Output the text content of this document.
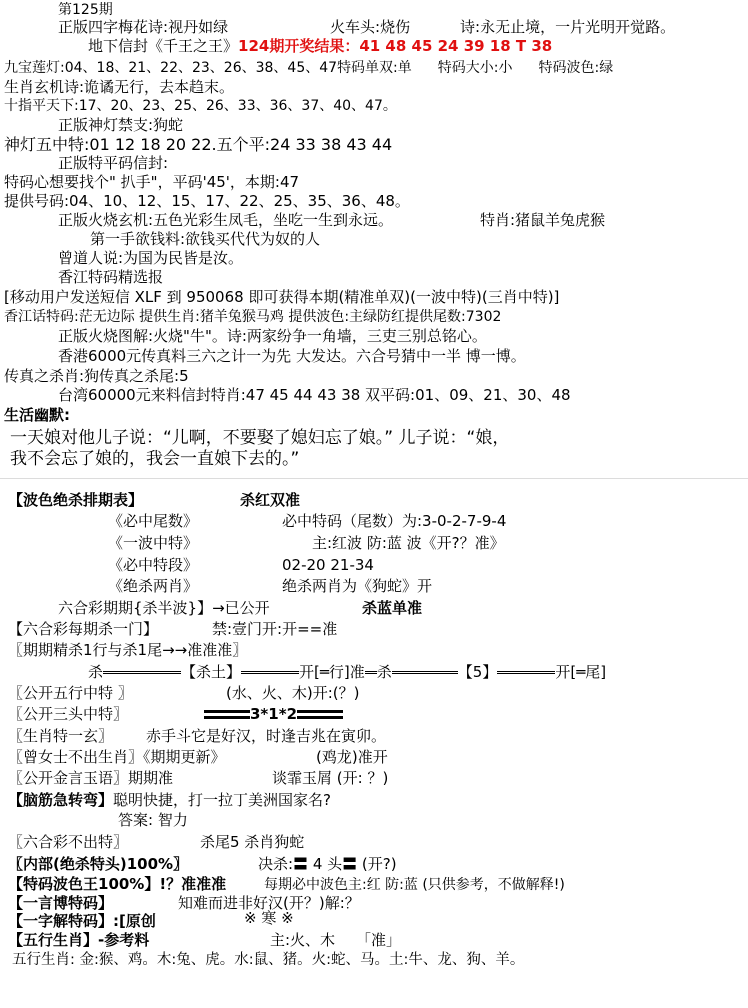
第125期
正版四字梅花诗:视丹如绿	火车头:烧伤	诗:永无止境，一片光明开觉路。
地下信封《千王之王》124期开奖结果：41 48 45 24 39 18 T 38
九宝莲灯:04、18、21、22、23、26、38、45、47特码单双:单 特码大小:小 特码波色:绿
生肖玄机诗:诡谲无行，去本趋末。
十指平天下:17、20、23、25、26、33、36、37、40、47。
正版神灯禁支:狗蛇
神灯五中特:01 12 18 20 22.五个平:24 33 38 43 44
正版特平码信封:
特码心想要找个" 扒手"，平码'45'，本期:47
提供号码:04、10、12、15、17、22、25、35、36、48。
正版火烧玄机:五色光彩生凤毛，坐吃一生到永远。	特肖:猪鼠羊兔虎猴
第一手欲钱料:欲钱买代代为奴的人
曾道人说:为国为民皆是汝。
香江特码精选报
[移动用户发送短信 XLF 到 950068 即可获得本期(精准单双)(一波中特)(三肖中特)]
香江话特码:茫无边际 提供生肖:猪羊兔猴马鸡 提供波色:主绿防红提供尾数:7302
正版火烧图解:火烧"牛"。诗:两家纷争一角墙，三吏三别总铭心。
香港6000元传真料三六之计一为先 大发达。六合号猜中一半 博一博。
传真之杀肖:狗传真之杀尾:5
台湾60000元来料信封特肖:47 45 44 43 38 双平码:01、09、21、30、48
生活幽默:
一天娘对他儿子说：“儿啊，不要娶了媳妇忘了娘。” 儿子说：“娘，
我不会忘了娘的，我会一直娘下去的。”
【波色绝杀排期表】	杀红双准
《必中尾数》	必中特码（尾数）为:3-0-2-7-9-4
《一波中特》	主:红波 防:蓝 波《开?？准》
《必中特段》	02-20 21-34
《绝杀两肖》	绝杀两肖为《狗蛇》开
六合彩期期{杀半波}】→已公开	杀蓝单准
【六合彩每期杀一门】	禁:壹门开:开==准
〖期期精杀1行与杀1尾→→准准准〗
杀	【杀土】	开[═行]准 杀	【5】	开[═尾]
〖公开五行中特 〗	(水、火、木)开:(？)
〖公开三头中特〗	3*1*2
〖生肖特一玄〗 赤手斗它是好汉，时逢吉兆在寅卯。
〖曾女士不出生肖〗《期期更新》	(鸡龙)准开
〖公开金言玉语〗期期准	谈霏玉屑 (开: ？)
【脑筋急转弯】聪明快捷，打一拉丁美洲国家名?
答案: 智力
〖六合彩不出特〗	杀尾5 杀肖狗蛇
〖内部(绝杀特头)100%〗	决杀:〓 4 头〓 (开?)
【特码波色王100%】!？准准准	每期必中波色主:红 防:蓝 (只供参考，不做解释!)
【一言博特码】	知难而进非好汉(开？)解:？
【一字解特码】:[原创	※ 寒 ※
【五行生肖】-参考料	主:火、木 「准」
五行生肖: 金:猴、鸡。木:兔、虎。水:鼠、猪。火:蛇、马。土:牛、龙、狗、羊。
